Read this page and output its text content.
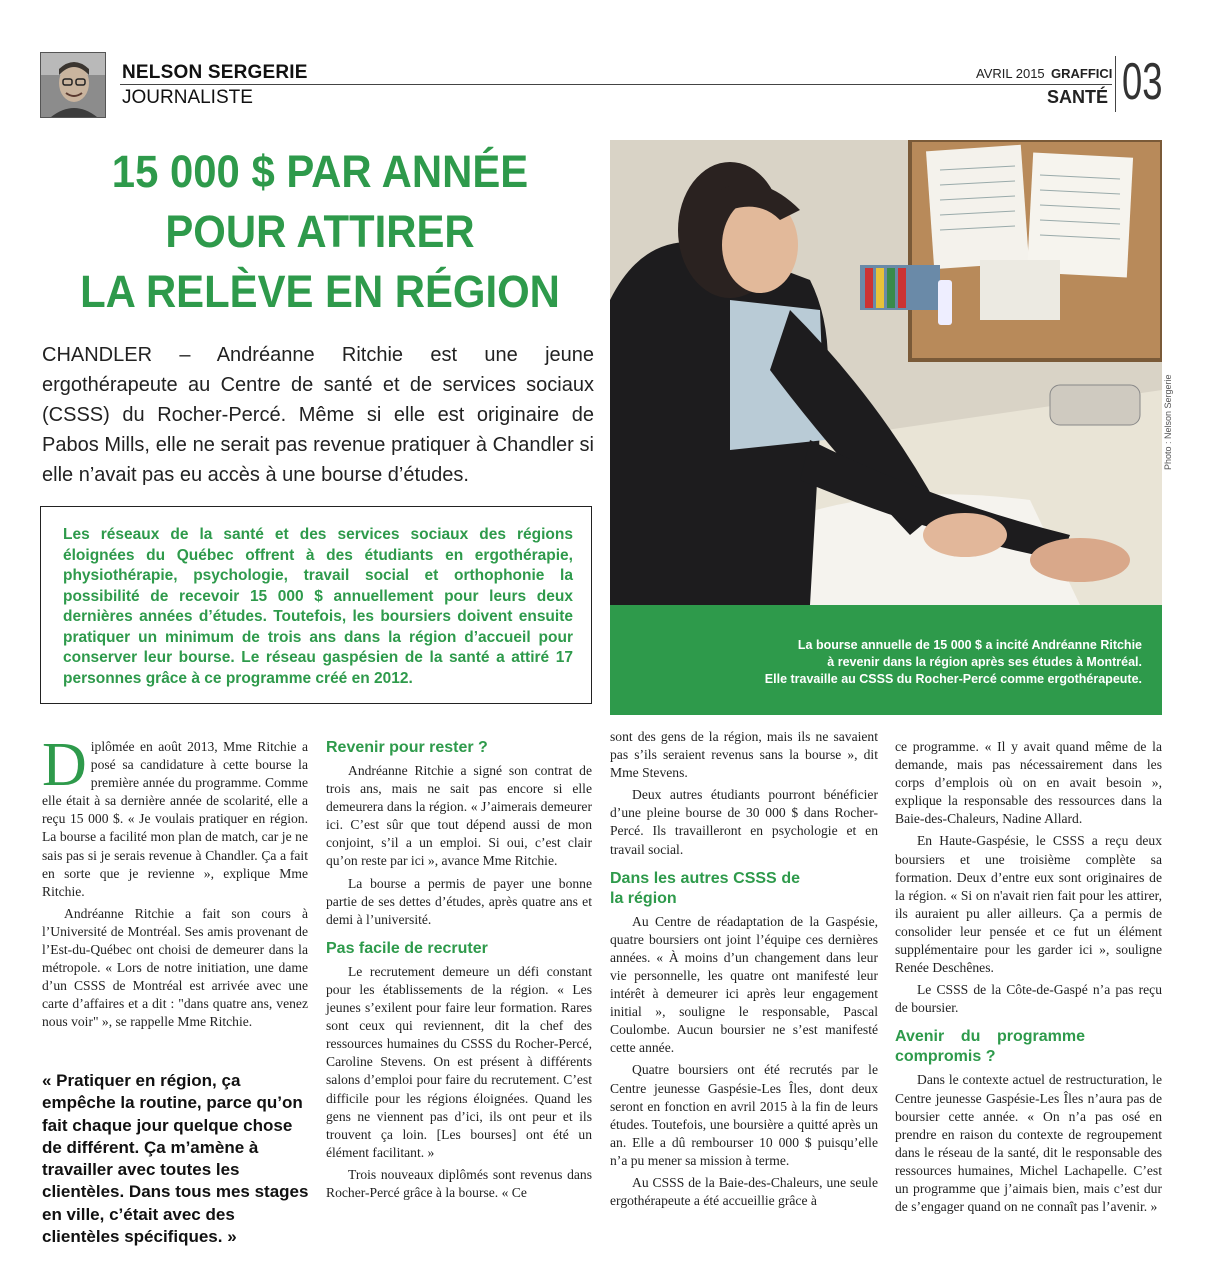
NELSON SERGERIE
JOURNALISTE
AVRIL 2015 GRAFFICI
SANTÉ 03
15 000 $ PAR ANNÉE
POUR ATTIRER
LA RELÈVE EN RÉGION
CHANDLER – Andréanne Ritchie est une jeune ergothérapeute au Centre de santé et de services sociaux (CSSS) du Rocher-Percé. Même si elle est originaire de Pabos Mills, elle ne serait pas revenue pratiquer à Chandler si elle n’avait pas eu accès à une bourse d’études.
Les réseaux de la santé et des services sociaux des régions éloignées du Québec offrent à des étudiants en ergothérapie, physiothérapie, psychologie, travail social et orthophonie la possibilité de recevoir 15 000 $ annuellement pour leurs deux dernières années d’études. Toutefois, les boursiers doivent ensuite pratiquer un minimum de trois ans dans la région d’accueil pour conserver leur bourse. Le réseau gaspésien de la santé a attiré 17 personnes grâce à ce programme créé en 2012.
Photo : Nelson Sergerie
La bourse annuelle de 15 000 $ a incité Andréanne Ritchie
à revenir dans la région après ses études à Montréal.
Elle travaille au CSSS du Rocher-Percé comme ergothérapeute.

Diplômée en août 2013, Mme Ritchie a posé sa candidature à cette bourse la première année du programme. Comme elle était à sa dernière année de scolarité, elle a reçu 15 000 $. « Je voulais pratiquer en région. La bourse a facilité mon plan de match, car je ne sais pas si je serais revenue à Chandler. Ça a fait en sorte que je revienne », explique Mme Ritchie.

Andréanne Ritchie a fait son cours à l’Université de Montréal. Ses amis provenant de l’Est-du-Québec ont choisi de demeurer dans la métropole. « Lors de notre initiation, une dame d’un CSSS de Montréal est arrivée avec une carte d’affaires et a dit : "dans quatre ans, venez nous voir" », se rappelle Mme Ritchie.

« Pratiquer en région, ça empêche la routine, parce qu’on fait chaque jour quelque chose de différent. Ça m’amène à travailler avec toutes les clientèles. Dans tous mes stages en ville, c’était avec des clientèles spécifiques. »
Revenir pour rester ?

Andréanne Ritchie a signé son contrat de trois ans, mais ne sait pas encore si elle demeurera dans la région. « J’aimerais demeurer ici. C’est sûr que tout dépend aussi de mon conjoint, s’il a un emploi. Si oui, c’est clair qu’on reste par ici », avance Mme Ritchie.

La bourse a permis de payer une bonne partie de ses dettes d’études, après quatre ans et demi à l’université.

Pas facile de recruter

Le recrutement demeure un défi constant pour les établissements de la région. « Les jeunes s’exilent pour faire leur formation. Rares sont ceux qui reviennent, dit la chef des ressources humaines du CSSS du Rocher-Percé, Caroline Stevens. On est présent à différents salons d’emploi pour faire du recrutement. C’est difficile pour les régions éloignées. Quand les gens ne viennent pas d’ici, ils ont peur et ils trouvent ça loin. [Les bourses] ont été un élément facilitant. »

Trois nouveaux diplômés sont revenus dans Rocher-Percé grâce à la bourse. « Ce

sont des gens de la région, mais ils ne savaient pas s’ils seraient revenus sans la bourse », dit Mme Stevens.

Deux autres étudiants pourront bénéficier d’une pleine bourse de 30 000 $ dans Rocher-Percé. Ils travailleront en psychologie et en travail social.

Dans les autres CSSS de la région

Au Centre de réadaptation de la Gaspésie, quatre boursiers ont joint l’équipe ces dernières années. « À moins d’un changement dans leur vie personnelle, les quatre ont manifesté leur intérêt à demeurer ici après leur engagement initial », souligne le responsable, Pascal Coulombe. Aucun boursier ne s’est manifesté cette année.

Quatre boursiers ont été recrutés par le Centre jeunesse Gaspésie-Les Îles, dont deux seront en fonction en avril 2015 à la fin de leurs études. Toutefois, une boursière a quitté après un an. Elle a dû rembourser 10 000 $ puisqu’elle n’a pu mener sa mission à terme.

Au CSSS de la Baie-des-Chaleurs, une seule ergothérapeute a été accueillie grâce à

ce programme. « Il y avait quand même de la demande, mais pas nécessairement dans les corps d’emplois où on en avait besoin », explique la responsable des ressources dans la Baie-des-Chaleurs, Nadine Allard.

En Haute-Gaspésie, le CSSS a reçu deux boursiers et une troisième complète sa formation. Deux d’entre eux sont originaires de la région. « Si on n'avait rien fait pour les attirer, ils auraient pu aller ailleurs. Ça a permis de consolider leur pensée et ce fut un élément supplémentaire pour les garder ici », souligne Renée Deschênes.

Le CSSS de la Côte-de-Gaspé n’a pas reçu de boursier.

Avenir du programme compromis ?

Dans le contexte actuel de restructuration, le Centre jeunesse Gaspésie-Les Îles n’aura pas de boursier cette année. « On n’a pas osé en prendre en raison du contexte de regroupement dans le réseau de la santé, dit le responsable des ressources humaines, Michel Lachapelle. C’est un programme que j’aimais bien, mais c’est dur de s’engager quand on ne connaît pas l’avenir. »
